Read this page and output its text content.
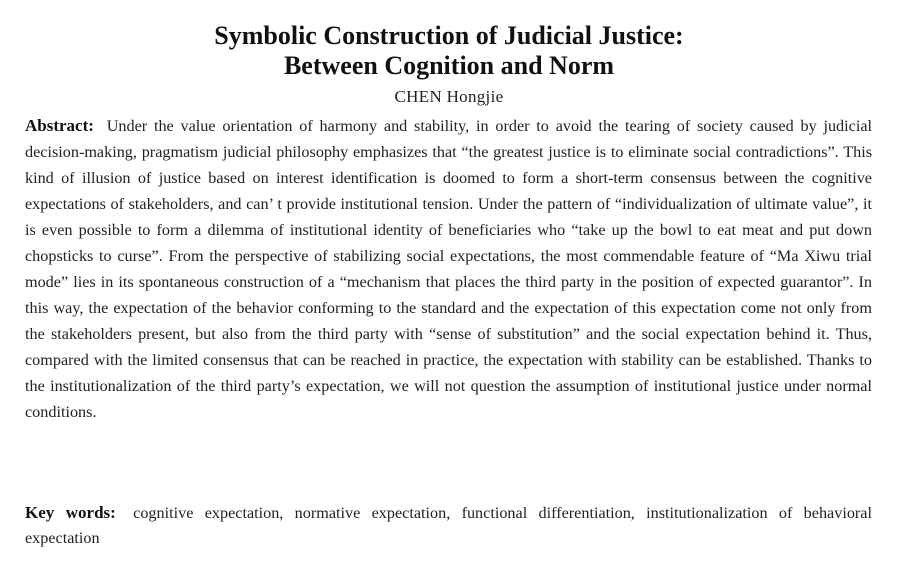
Symbolic Construction of Judicial Justice:
Between Cognition and Norm
CHEN Hongjie

Abstract: Under the value orientation of harmony and stability, in order to avoid the tearing of society caused by judicial decision-making, pragmatism judicial philosophy emphasizes that “the greatest justice is to eliminate social contradictions”. This kind of illusion of justice based on interest identification is doomed to form a short-term consensus between the cognitive expectations of stakeholders, and can’ t provide institutional tension. Under the pattern of “individualization of ultimate value”, it is even possible to form a dilemma of institutional identity of beneficiaries who “take up the bowl to eat meat and put down chopsticks to curse”. From the perspective of stabilizing social expectations, the most commendable feature of “Ma Xiwu trial mode” lies in its spontaneous construction of a “mechanism that places the third party in the position of expected guarantor”. In this way, the expectation of the behavior conforming to the standard and the expectation of this expectation come not only from the stakeholders present, but also from the third party with “sense of substitution” and the social expectation behind it. Thus, compared with the limited consensus that can be reached in practice, the expectation with stability can be established. Thanks to the institutionalization of the third party’s expectation, we will not question the assumption of institutional justice under normal conditions.

Key words: cognitive expectation, normative expectation, functional differentiation, institutionalization of behavioral expectation
